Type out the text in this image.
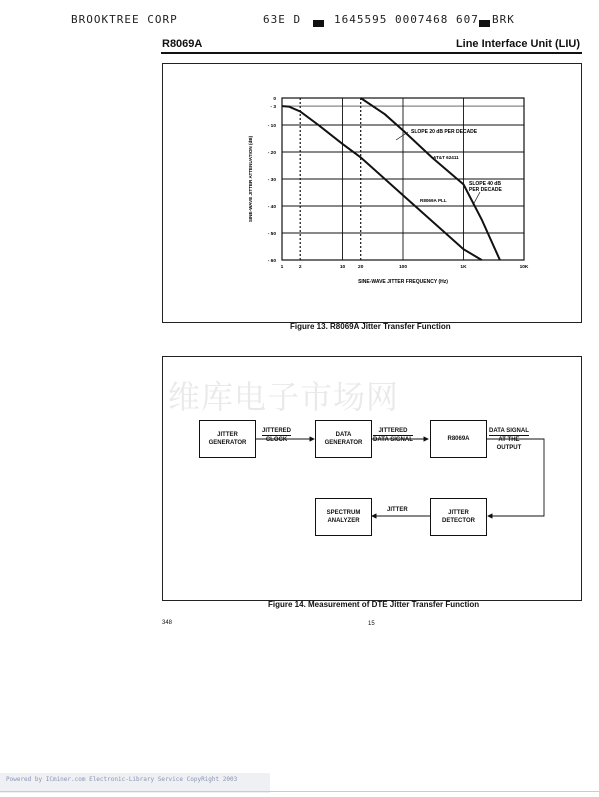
BROOKTREE CORP	63E D	1645595 0007468 607 BRK
R8069A	Line Interface Unit (LIU)
0
- 3
- 10
- 20
- 30
- 40
- 50
- 60
1	2	10	20	100	1K	10K
SINE-WAVE JITTER ATTENUATION (dB)
SINE-WAVE JITTER FREQUENCY (Hz)
SLOPE 20 dB PER DECADE
AT&T 62411
SLOPE 40 dB
PER DECADE
R8069A PLL
Figure 13. R8069A Jitter Transfer Function
维库电子市场网
JITTER
GENERATOR
DATA
GENERATOR
R8069A
JITTER
DETECTOR
SPECTRUM
ANALYZER
JITTERED
CLOCK
JITTERED
DATA SIGNAL
DATA SIGNAL
AT THE
OUTPUT
JITTER
Figure 14. Measurement of DTE Jitter Transfer Function
348	15
Powered by ICminer.com Electronic-Library Service CopyRight 2003
